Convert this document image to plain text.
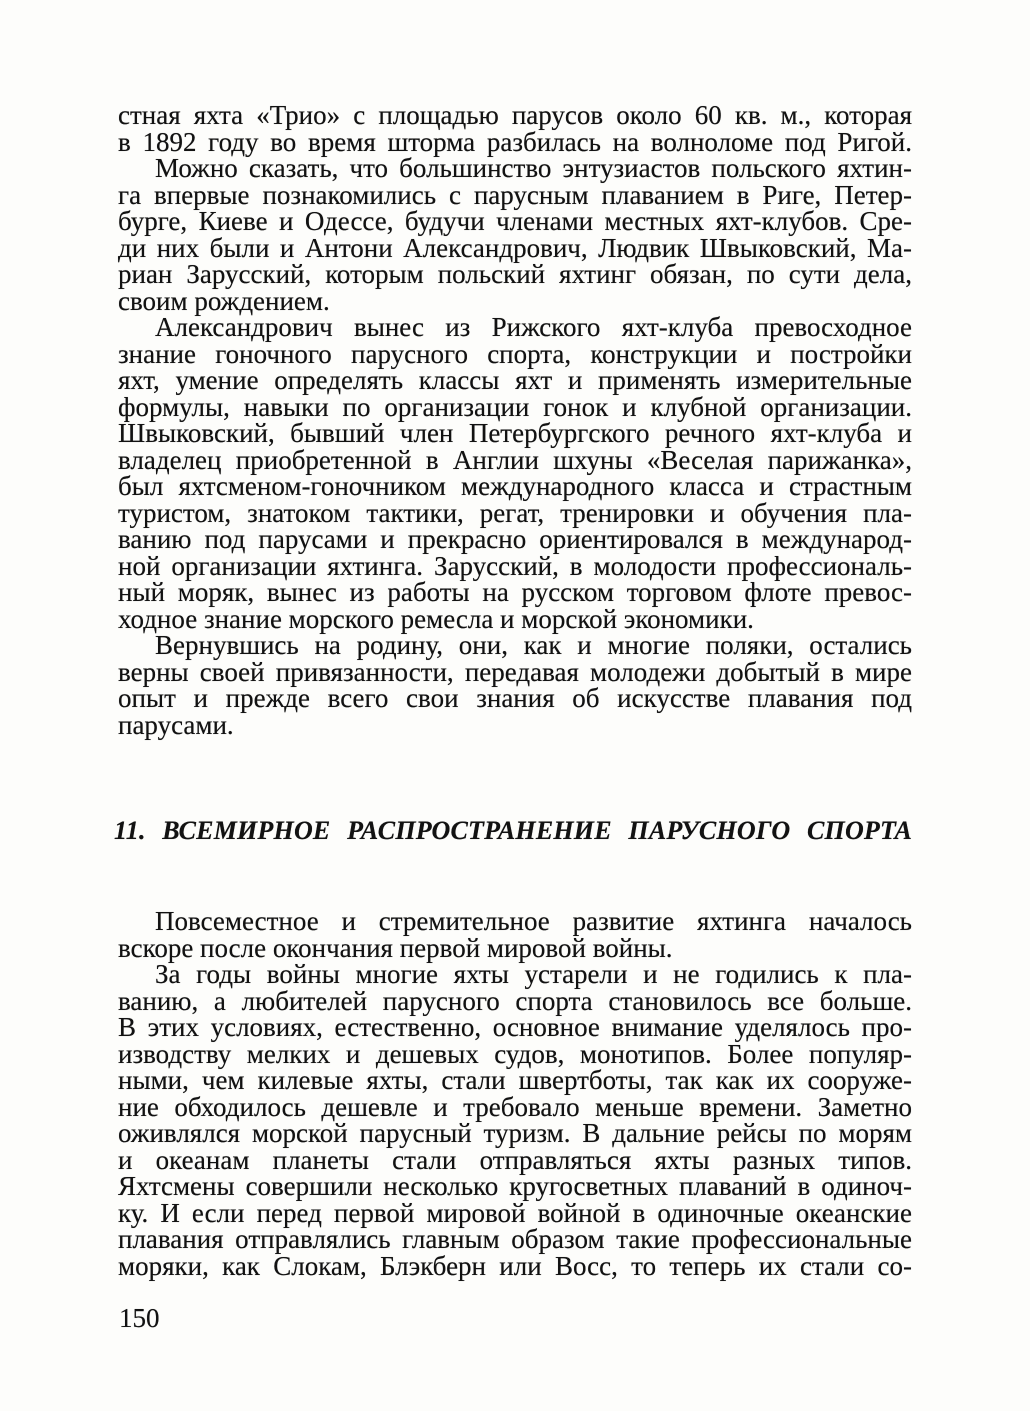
стная яхта «Трио» с площадью парусов около 60 кв. м., которая
в 1892 году во время шторма разбилась на волноломе под Ригой.

Можно сказать, что большинство энтузиастов польского яхтин-
га впервые познакомились с парусным плаванием в Риге, Петер-
бурге, Киеве и Одессе, будучи членами местных яхт-клубов. Сре-
ди них были и Антони Александрович, Людвик Швыковский, Ма-
риан Зарусский, которым польский яхтинг обязан, по сути дела,
своим рождением.

Александрович вынес из Рижского яхт-клуба превосходное
знание гоночного парусного спорта, конструкции и постройки
яхт, умение определять классы яхт и применять измерительные
формулы, навыки по организации гонок и клубной организации.
Швыковский, бывший член Петербургского речного яхт-клуба и
владелец приобретенной в Англии шхуны «Веселая парижанка»,
был яхтсменом-гоночником международного класса и страстным
туристом, знатоком тактики, регат, тренировки и обучения пла-
ванию под парусами и прекрасно ориентировался в международ-
ной организации яхтинга. Зарусский, в молодости профессиональ-
ный моряк, вынес из работы на русском торговом флоте превос-
ходное знание морского ремесла и морской экономики.

Вернувшись на родину, они, как и многие поляки, остались
верны своей привязанности, передавая молодежи добытый в мире
опыт и прежде всего свои знания об искусстве плавания под
парусами.

11. ВСЕМИРНОЕ РАСПРОСТРАНЕНИЕ ПАРУСНОГО СПОРТА

Повсеместное и стремительное развитие яхтинга началось
вскоре после окончания первой мировой войны.

За годы войны многие яхты устарели и не годились к пла-
ванию, а любителей парусного спорта становилось все больше.
В этих условиях, естественно, основное внимание уделялось про-
изводству мелких и дешевых судов, монотипов. Более популяр-
ными, чем килевые яхты, стали швертботы, так как их сооруже-
ние обходилось дешевле и требовало меньше времени. Заметно
оживлялся морской парусный туризм. В дальние рейсы по морям
и океанам планеты стали отправляться яхты разных типов.
Яхтсмены совершили несколько кругосветных плаваний в одиноч-
ку. И если перед первой мировой войной в одиночные океанские
плавания отправлялись главным образом такие профессиональные
моряки, как Слокам, Блэкберн или Восс, то теперь их стали со-

150
